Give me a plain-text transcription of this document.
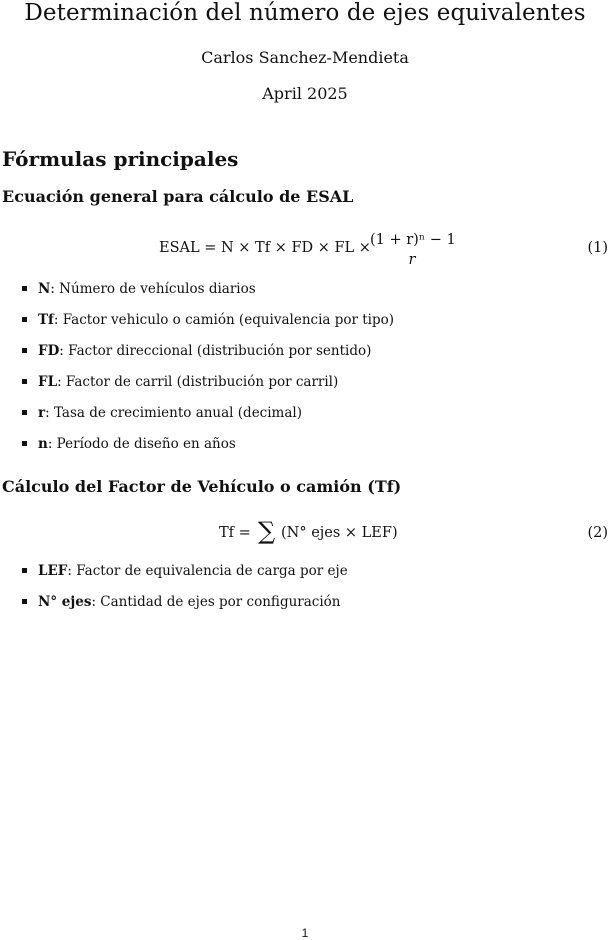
Determinación del número de ejes equivalentes
Carlos Sanchez-Mendieta
April 2025
Fórmulas principales
Ecuación general para cálculo de ESAL
ESAL = N × Tf × FD × FL × (1 + r)ⁿ − 1
r
(1)
N: Número de vehículos diarios
Tf: Factor vehiculo o camión (equivalencia por tipo)
FD: Factor direccional (distribución por sentido)
FL: Factor de carril (distribución por carril)
r: Tasa de crecimiento anual (decimal)
n: Período de diseño en años
Cálculo del Factor de Vehículo o camión (Tf)
Tf = ∑ (N° ejes × LEF)	(2)
LEF: Factor de equivalencia de carga por eje
N° ejes: Cantidad de ejes por configuración
1
